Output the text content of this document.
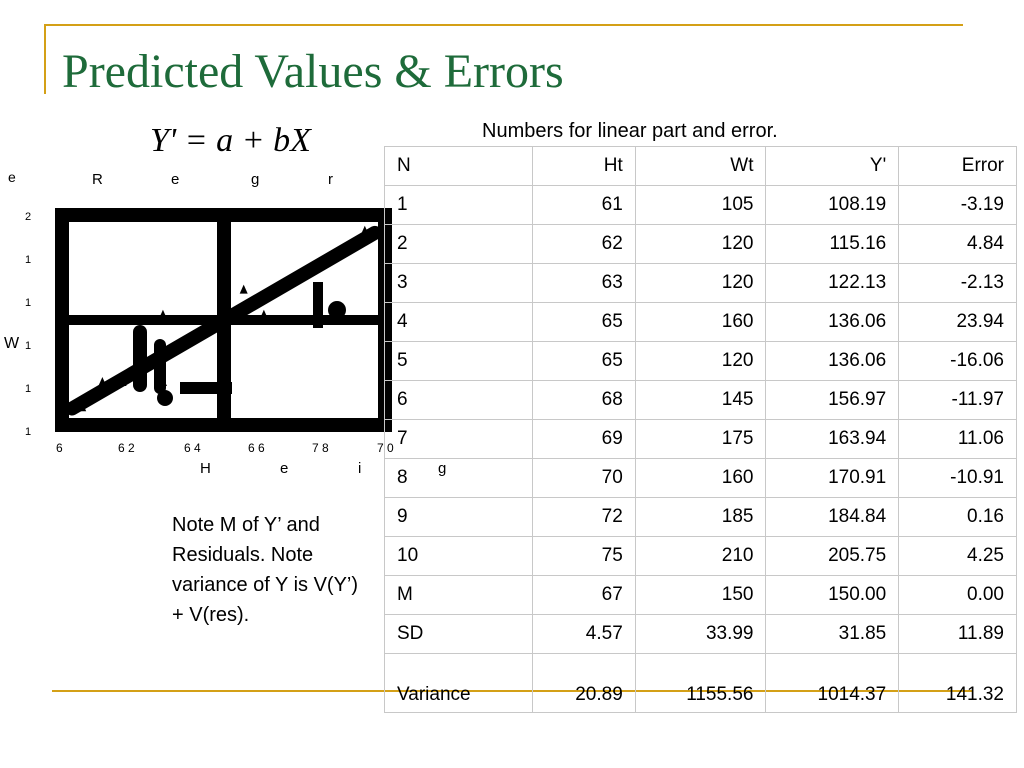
Predicted Values & Errors
Y' = a + bX	Numbers for linear part and error.
R	e	g	r
W
e
H	e	i	g
2
1
1
1
1
1
6	6 2	6 4	6 6	7 8	7 0
N	Ht	Wt	Y'	Error
1	61	105	108.19	-3.19
2	62	120	115.16	4.84
3	63	120	122.13	-2.13
4	65	160	136.06	23.94
5	65	120	136.06	-16.06
6	68	145	156.97	-11.97
7	69	175	163.94	11.06
8	70	160	170.91	-10.91
9	72	185	184.84	0.16
10	75	210	205.75	4.25
M	67	150	150.00	0.00
SD	4.57	33.99	31.85	11.89
Variance	20.89	1155.56	1014.37	141.32
Note M of Y’ and Residuals. Note variance of Y is V(Y’) + V(res).
